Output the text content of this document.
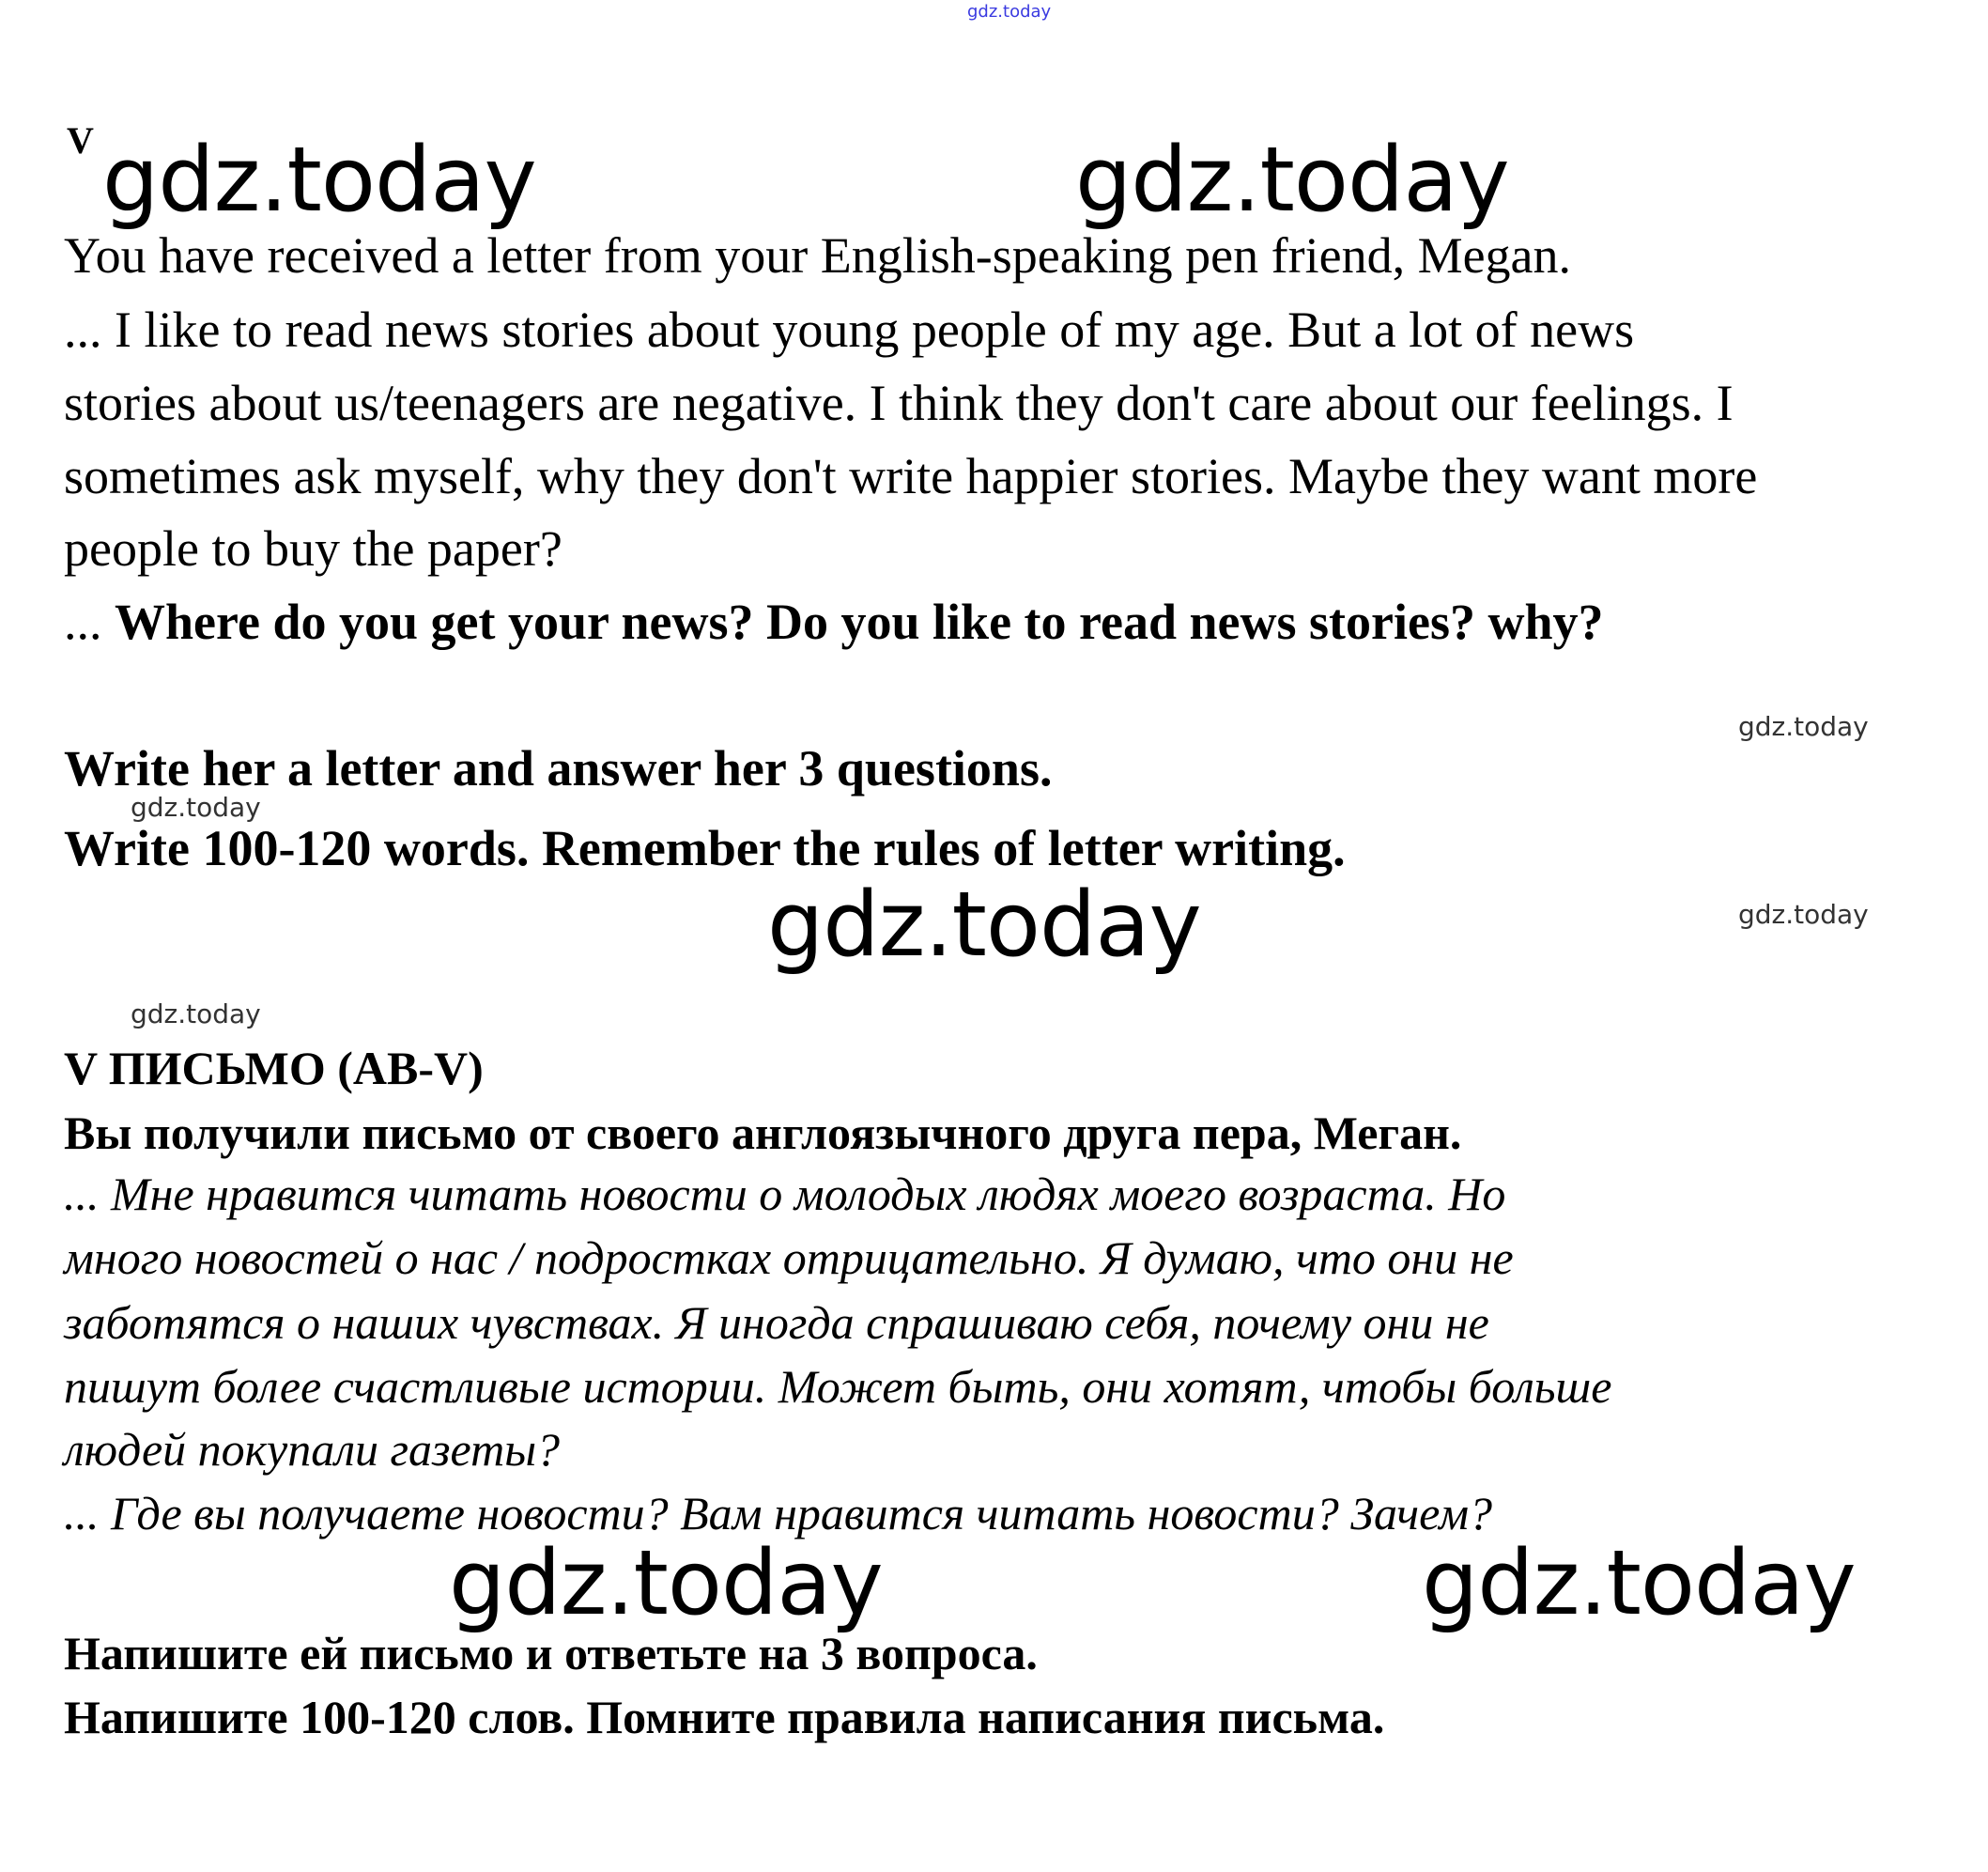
gdz.today
V
You have received a letter from your English-speaking pen friend, Megan.
... I like to read news stories about young people of my age. But a lot of news
stories about us/teenagers are negative. I think they don't care about our feelings. I
sometimes ask myself, why they don't write happier stories. Maybe they want more
people to buy the paper?
... Where do you get your news? Do you like to read news stories? why?
Write her a letter and answer her 3 questions.
Write 100-120 words. Remember the rules of letter writing.
V ПИСЬМО (AB-V)
Вы получили письмо от своего англоязычного друга пера, Меган.
... Мне нравится читать новости о молодых людях моего возраста. Но
много новостей о нас / подростках отрицательно. Я думаю, что они не
заботятся о наших чувствах. Я иногда спрашиваю себя, почему они не
пишут более счастливые истории. Может быть, они хотят, чтобы больше
людей покупали газеты?
... Где вы получаете новости? Вам нравится читать новости? Зачем?
Напишите ей письмо и ответьте на 3 вопроса.
Напишите 100-120 слов. Помните правила написания письма.
gdz.today	gdz.today
gdz.today
gdz.today	gdz.today
gdz.today
gdz.today
gdz.today
gdz.today
